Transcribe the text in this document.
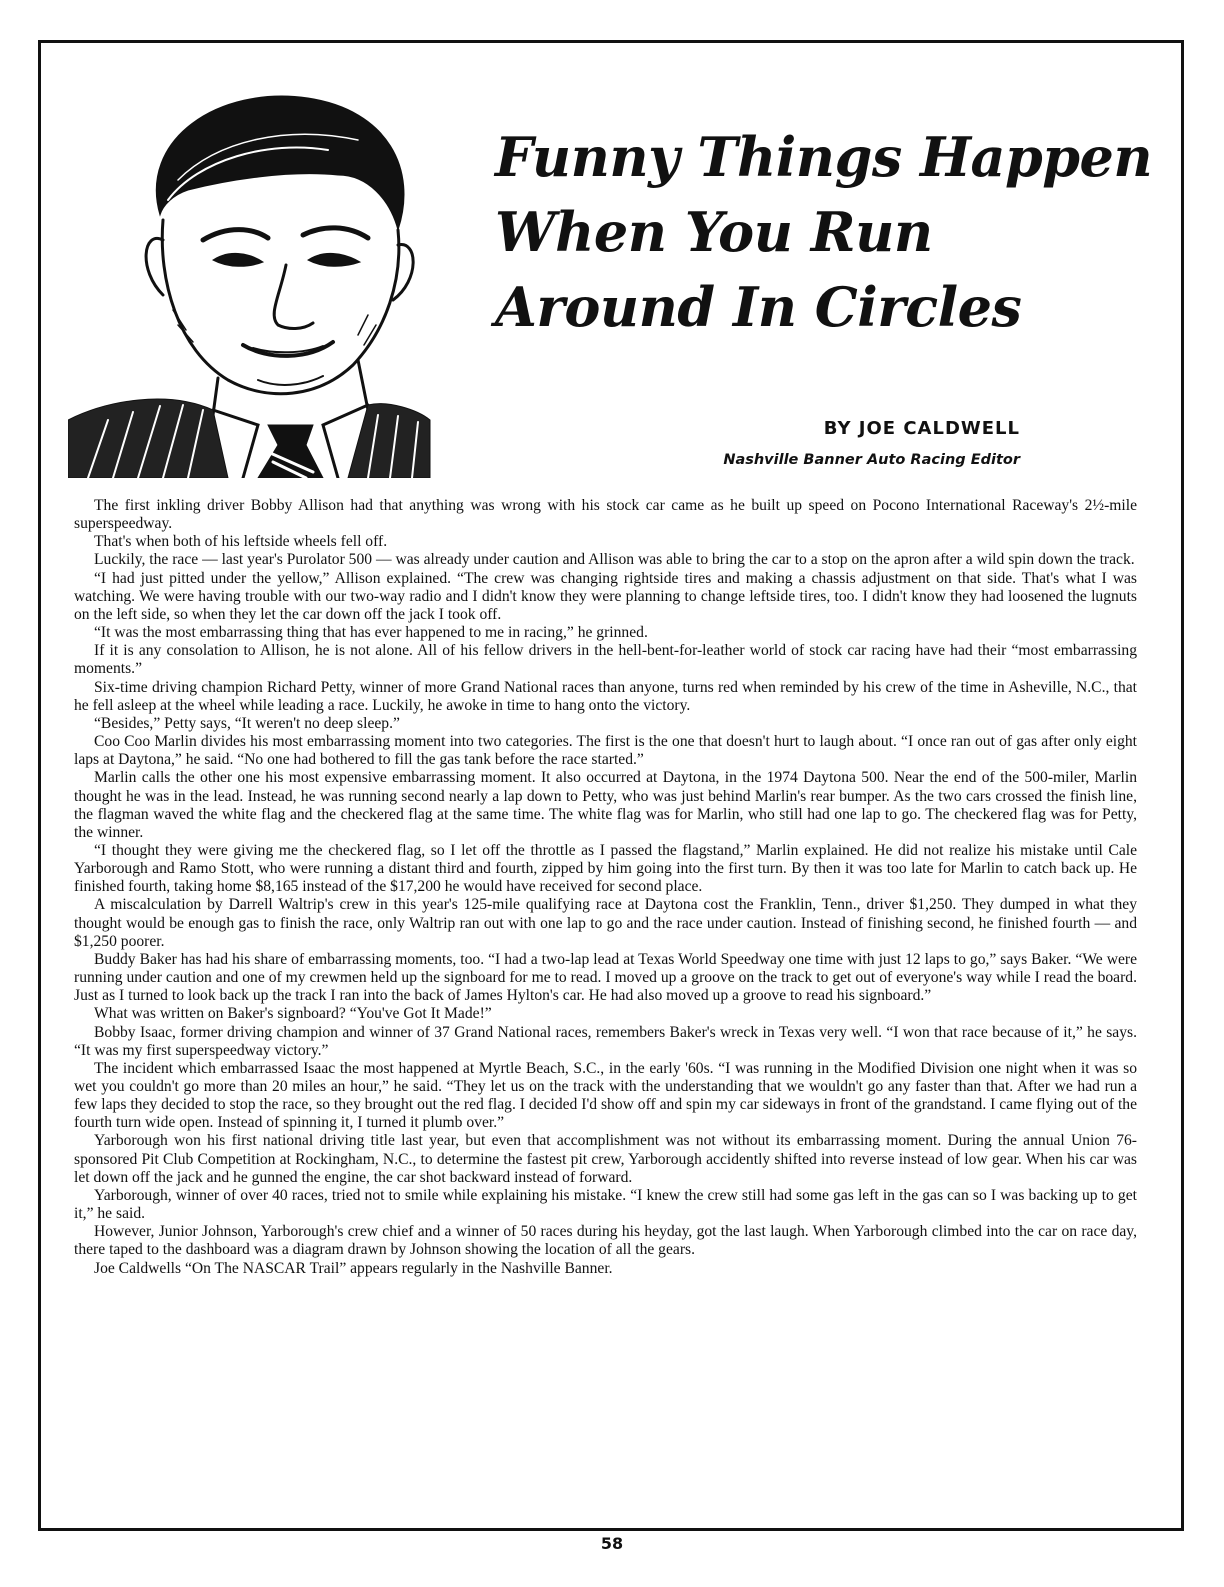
Funny Things Happen
When You Run
Around In Circles
BY JOE CALDWELL
Nashville Banner Auto Racing Editor

The first inkling driver Bobby Allison had that anything was wrong with his stock car came as he built up speed on Pocono International Raceway's 2½-mile superspeedway.

That's when both of his leftside wheels fell off.

Luckily, the race — last year's Purolator 500 — was already under caution and Allison was able to bring the car to a stop on the apron after a wild spin down the track.

“I had just pitted under the yellow,” Allison explained. “The crew was changing rightside tires and making a chassis adjustment on that side. That's what I was watching. We were having trouble with our two-way radio and I didn't know they were planning to change leftside tires, too. I didn't know they had loosened the lugnuts on the left side, so when they let the car down off the jack I took off.

“It was the most embarrassing thing that has ever happened to me in racing,” he grinned.

If it is any consolation to Allison, he is not alone. All of his fellow drivers in the hell-bent-for-leather world of stock car racing have had their “most embarrassing moments.”

Six-time driving champion Richard Petty, winner of more Grand National races than anyone, turns red when reminded by his crew of the time in Asheville, N.C., that he fell asleep at the wheel while leading a race. Luckily, he awoke in time to hang onto the victory.

“Besides,” Petty says, “It weren't no deep sleep.”

Coo Coo Marlin divides his most embarrassing moment into two categories. The first is the one that doesn't hurt to laugh about. “I once ran out of gas after only eight laps at Daytona,” he said. “No one had bothered to fill the gas tank before the race started.”

Marlin calls the other one his most expensive embarrassing moment. It also occurred at Daytona, in the 1974 Daytona 500. Near the end of the 500-miler, Marlin thought he was in the lead. Instead, he was running second nearly a lap down to Petty, who was just behind Marlin's rear bumper. As the two cars crossed the finish line, the flagman waved the white flag and the checkered flag at the same time. The white flag was for Marlin, who still had one lap to go. The checkered flag was for Petty, the winner.

“I thought they were giving me the checkered flag, so I let off the throttle as I passed the flagstand,” Marlin explained. He did not realize his mistake until Cale Yarborough and Ramo Stott, who were running a distant third and fourth, zipped by him going into the first turn. By then it was too late for Marlin to catch back up. He finished fourth, taking home $8,165 instead of the $17,200 he would have received for second place.

A miscalculation by Darrell Waltrip's crew in this year's 125-mile qualifying race at Daytona cost the Franklin, Tenn., driver $1,250. They dumped in what they thought would be enough gas to finish the race, only Waltrip ran out with one lap to go and the race under caution. Instead of finishing second, he finished fourth — and $1,250 poorer.

Buddy Baker has had his share of embarrassing moments, too. “I had a two-lap lead at Texas World Speedway one time with just 12 laps to go,” says Baker. “We were running under caution and one of my crewmen held up the signboard for me to read. I moved up a groove on the track to get out of everyone's way while I read the board. Just as I turned to look back up the track I ran into the back of James Hylton's car. He had also moved up a groove to read his signboard.”

What was written on Baker's signboard? “You've Got It Made!”

Bobby Isaac, former driving champion and winner of 37 Grand National races, remembers Baker's wreck in Texas very well. “I won that race because of it,” he says. “It was my first superspeedway victory.”

The incident which embarrassed Isaac the most happened at Myrtle Beach, S.C., in the early '60s. “I was running in the Modified Division one night when it was so wet you couldn't go more than 20 miles an hour,” he said. “They let us on the track with the understanding that we wouldn't go any faster than that. After we had run a few laps they decided to stop the race, so they brought out the red flag. I decided I'd show off and spin my car sideways in front of the grandstand. I came flying out of the fourth turn wide open. Instead of spinning it, I turned it plumb over.”

Yarborough won his first national driving title last year, but even that accomplishment was not without its embarrassing moment. During the annual Union 76-sponsored Pit Club Competition at Rockingham, N.C., to determine the fastest pit crew, Yarborough accidently shifted into reverse instead of low gear. When his car was let down off the jack and he gunned the engine, the car shot backward instead of forward.

Yarborough, winner of over 40 races, tried not to smile while explaining his mistake. “I knew the crew still had some gas left in the gas can so I was backing up to get it,” he said.

However, Junior Johnson, Yarborough's crew chief and a winner of 50 races during his heyday, got the last laugh. When Yarborough climbed into the car on race day, there taped to the dashboard was a diagram drawn by Johnson showing the location of all the gears.

Joe Caldwells “On The NASCAR Trail” appears regularly in the Nashville Banner.

58
